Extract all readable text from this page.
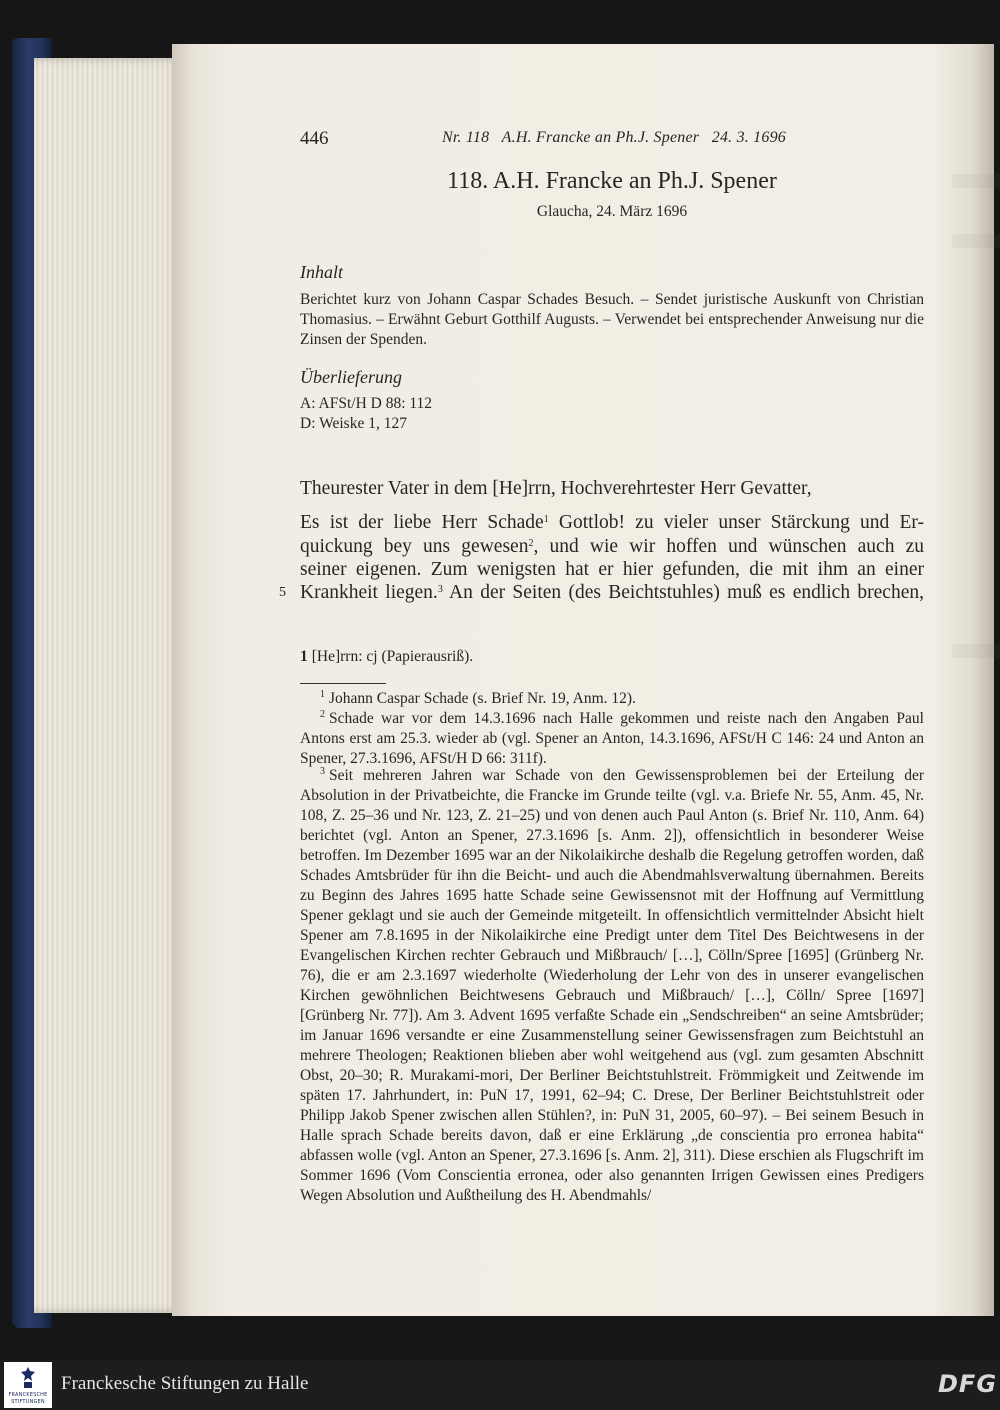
446	Nr. 118   A.H. Francke an Ph.J. Spener   24. 3. 1696
118. A.H. Francke an Ph.J. Spener
Glaucha, 24. März 1696
Inhalt
Berichtet kurz von Johann Caspar Schades Besuch. – Sendet juristische Auskunft von Christian Thomasius. – Erwähnt Geburt Gotthilf Augusts. – Verwendet bei entsprechender Anweisung nur die Zinsen der Spenden.
Überlieferung
A: AFSt/H D 88: 112
D: Weiske 1, 127
Theurester Vater in dem [He]rrn, Hochverehrtester Herr Gevatter,
Es ist der liebe Herr Schade$^1$ Gottlob! zu vieler unser Stärckung und Er-
quickung bey uns gewesen$^2$, und wie wir hoffen und wünschen auch zu
seiner eigenen. Zum wenigsten hat er hier gefunden, die mit ihm an einer
Krankheit liegen.$^3$ An der Seiten (des Beichtstuhles) muß es endlich brechen,
5
1 [He]rrn: cj (Papierausriß).
$^1$ Johann Caspar Schade (s. Brief Nr. 19, Anm. 12).
$^2$ Schade war vor dem 14.3.1696 nach Halle gekommen und reiste nach den Angaben Paul Antons erst am 25.3. wieder ab (vgl. Spener an Anton, 14.3.1696, AFSt/H C 146: 24 und Anton an Spener, 27.3.1696, AFSt/H D 66: 311f).
$^3$ Seit mehreren Jahren war Schade von den Gewissensproblemen bei der Erteilung der Absolution in der Privatbeichte, die Francke im Grunde teilte (vgl. v.a. Briefe Nr. 55, Anm. 45, Nr. 108, Z. 25–36 und Nr. 123, Z. 21–25) und von denen auch Paul Anton (s. Brief Nr. 110, Anm. 64) berichtet (vgl. Anton an Spener, 27.3.1696 [s. Anm. 2]), offensichtlich in besonderer Weise betroffen. Im Dezember 1695 war an der Nikolaikirche deshalb die Regelung getroffen worden, daß Schades Amtsbrüder für ihn die Beicht- und auch die Abendmahlsverwaltung übernahmen. Bereits zu Beginn des Jahres 1695 hatte Schade seine Gewissensnot mit der Hoffnung auf Vermittlung Spener geklagt und sie auch der Gemeinde mitgeteilt. In offensichtlich vermittelnder Absicht hielt Spener am 7.8.1695 in der Nikolaikirche eine Predigt unter dem Titel Des Beichtwesens in der Evangelischen Kirchen rechter Gebrauch und Mißbrauch/ […], Cölln/Spree [1695] (Grünberg Nr. 76), die er am 2.3.1697 wiederholte (Wiederholung der Lehr von des in unserer evangelischen Kirchen gewöhnlichen Beichtwesens Gebrauch und Mißbrauch/ […], Cölln/ Spree [1697] [Grünberg Nr. 77]). Am 3. Advent 1695 verfaßte Schade ein „Sendschreiben“ an seine Amtsbrüder; im Januar 1696 versandte er eine Zusammenstellung seiner Gewissensfragen zum Beichtstuhl an mehrere Theologen; Reaktionen blieben aber wohl weitgehend aus (vgl. zum gesamten Abschnitt Obst, 20–30; R. Murakami-mori, Der Berliner Beichtstuhlstreit. Frömmigkeit und Zeitwende im späten 17. Jahrhundert, in: PuN 17, 1991, 62–94; C. Drese, Der Berliner Beichtstuhlstreit oder Philipp Jakob Spener zwischen allen Stühlen?, in: PuN 31, 2005, 60–97). – Bei seinem Besuch in Halle sprach Schade bereits davon, daß er eine Erklärung „de conscientia pro erronea habita“ abfassen wolle (vgl. Anton an Spener, 27.3.1696 [s. Anm. 2], 311). Diese erschien als Flugschrift im Sommer 1696 (Vom Conscientia erronea, oder also genannten Irrigen Gewissen eines Predigers Wegen Absolution und Außtheilung des H. Abendmahls/
FRANCKESCHE
STIFTUNGEN
Franckesche Stiftungen zu Halle	DFG
